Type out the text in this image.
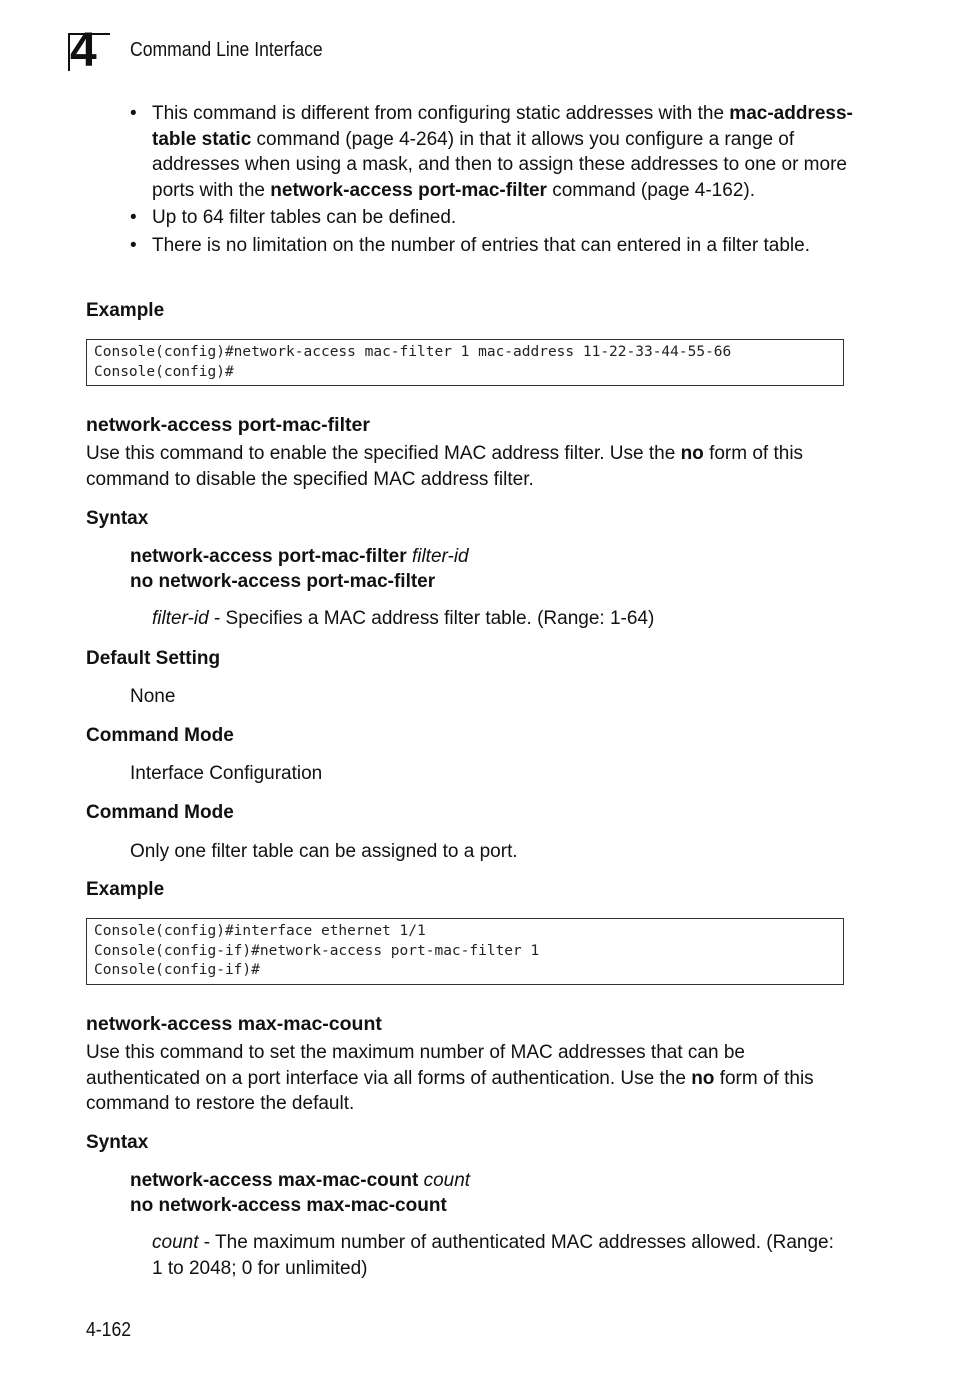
4 Command Line Interface
• This command is different from configuring static addresses with the mac-address-table static command (page 4-264) in that it allows you configure a range of addresses when using a mask, and then to assign these addresses to one or more ports with the network-access port-mac-filter command (page 4-162).
• Up to 64 filter tables can be defined.
• There is no limitation on the number of entries that can entered in a filter table.
Example
Console(config)#network-access mac-filter 1 mac-address 11-22-33-44-55-66
Console(config)#
network-access port-mac-filter
Use this command to enable the specified MAC address filter. Use the no form of this command to disable the specified MAC address filter.
Syntax
network-access port-mac-filter filter-id
no network-access port-mac-filter
filter-id - Specifies a MAC address filter table. (Range: 1-64)
Default Setting
None
Command Mode
Interface Configuration
Command Mode
Only one filter table can be assigned to a port.
Example
Console(config)#interface ethernet 1/1
Console(config-if)#network-access port-mac-filter 1
Console(config-if)#
network-access max-mac-count
Use this command to set the maximum number of MAC addresses that can be authenticated on a port interface via all forms of authentication. Use the no form of this command to restore the default.
Syntax
network-access max-mac-count count
no network-access max-mac-count
count - The maximum number of authenticated MAC addresses allowed. (Range: 1 to 2048; 0 for unlimited)
4-162
